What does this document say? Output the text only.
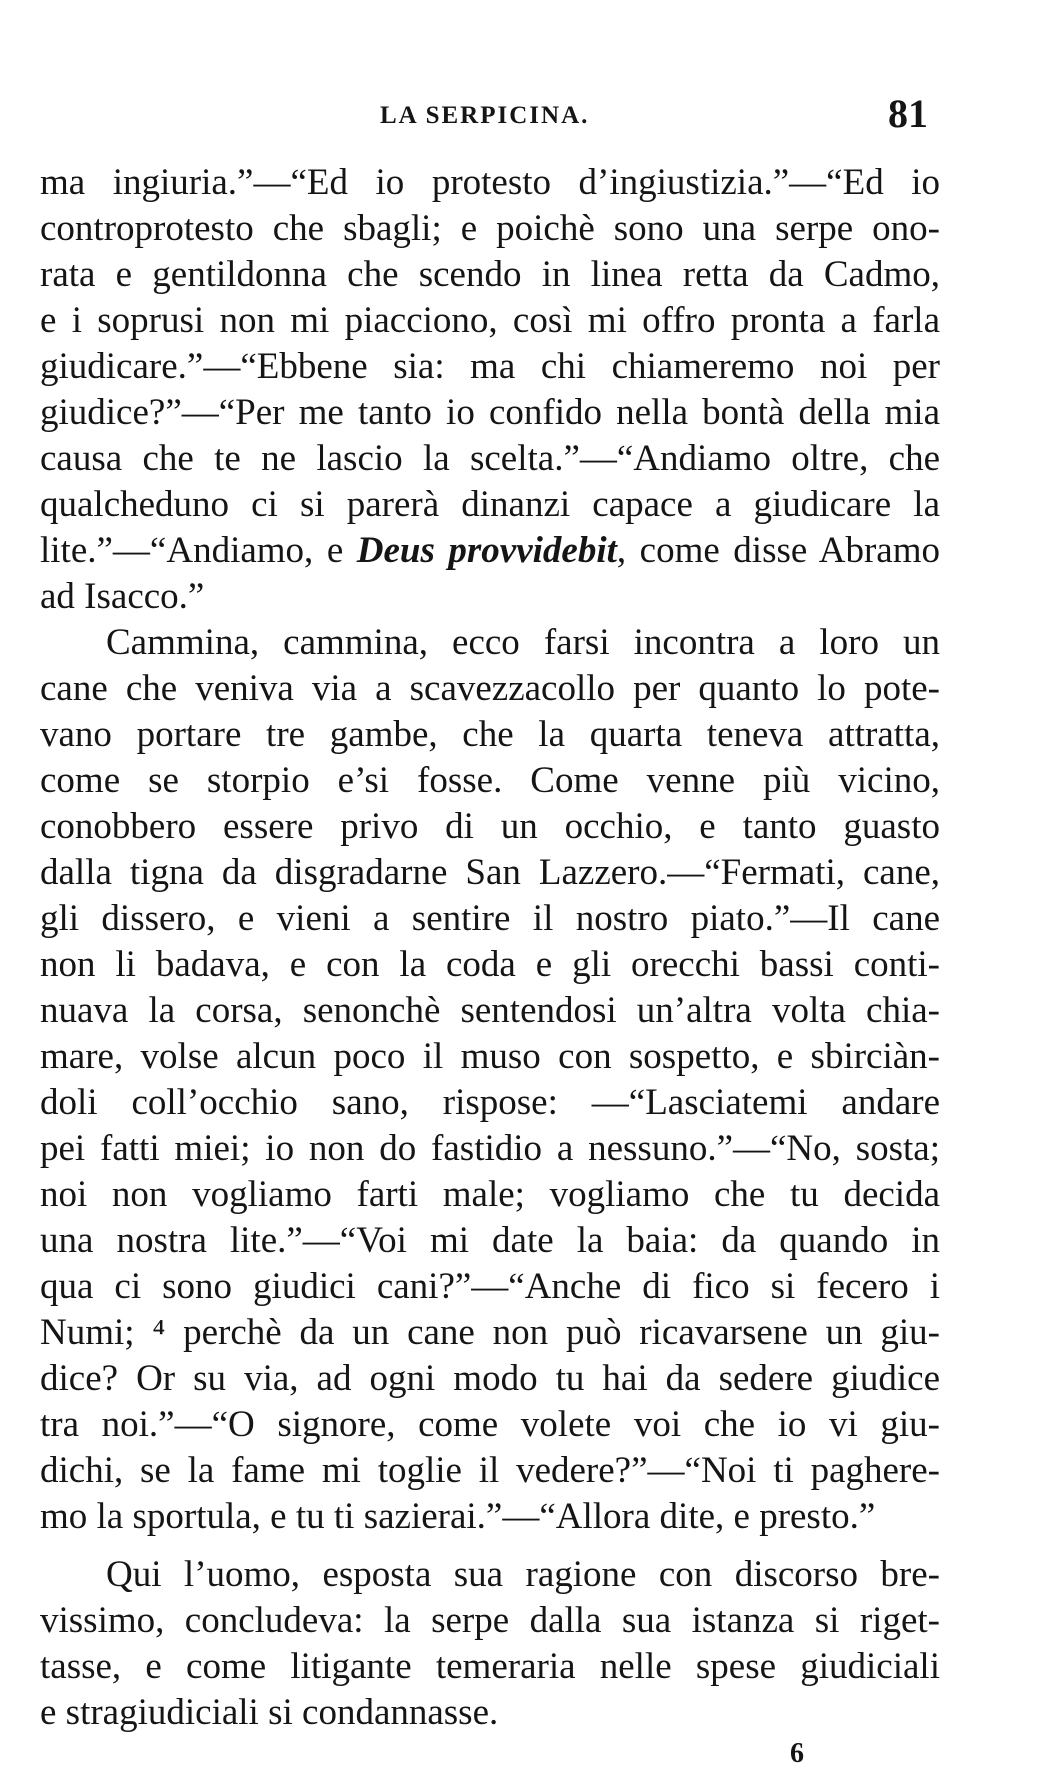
LA SERPICINA.	81
ma ingiuria.”—“Ed io protesto d’ingiustizia.”—“Ed io
controprotesto che sbagli; e poichè sono una serpe ono-
rata e gentildonna che scendo in linea retta da Cadmo,
e i soprusi non mi piacciono, così mi offro pronta a farla
giudicare.”—“Ebbene sia: ma chi chiameremo noi per
giudice?”—“Per me tanto io confido nella bontà della mia
causa che te ne lascio la scelta.”—“Andiamo oltre, che
qualcheduno ci si parerà dinanzi capace a giudicare la
lite.”—“Andiamo, e Deus provvidebit, come disse Abramo
ad Isacco.”
Cammina, cammina, ecco farsi incontra a loro un
cane che veniva via a scavezzacollo per quanto lo pote-
vano portare tre gambe, che la quarta teneva attratta,
come se storpio e’si fosse. Come venne più vicino,
conobbero essere privo di un occhio, e tanto guasto
dalla tigna da disgradarne San Lazzero.—“Fermati, cane,
gli dissero, e vieni a sentire il nostro piato.”—Il cane
non li badava, e con la coda e gli orecchi bassi conti-
nuava la corsa, senonchè sentendosi un’altra volta chia-
mare, volse alcun poco il muso con sospetto, e sbirciàn-
doli coll’occhio sano, rispose: —“Lasciatemi andare
pei fatti miei; io non do fastidio a nessuno.”—“No, sosta;
noi non vogliamo farti male; vogliamo che tu decida
una nostra lite.”—“Voi mi date la baia: da quando in
qua ci sono giudici cani?”—“Anche di fico si fecero i
Numi; ⁴ perchè da un cane non può ricavarsene un giu-
dice? Or su via, ad ogni modo tu hai da sedere giudice
tra noi.”—“O signore, come volete voi che io vi giu-
dichi, se la fame mi toglie il vedere?”—“Noi ti paghere-
mo la sportula, e tu ti sazierai.”—“Allora dite, e presto.”
Qui l’uomo, esposta sua ragione con discorso bre-
vissimo, concludeva: la serpe dalla sua istanza si riget-
tasse, e come litigante temeraria nelle spese giudiciali
e stragiudiciali si condannasse.
6
